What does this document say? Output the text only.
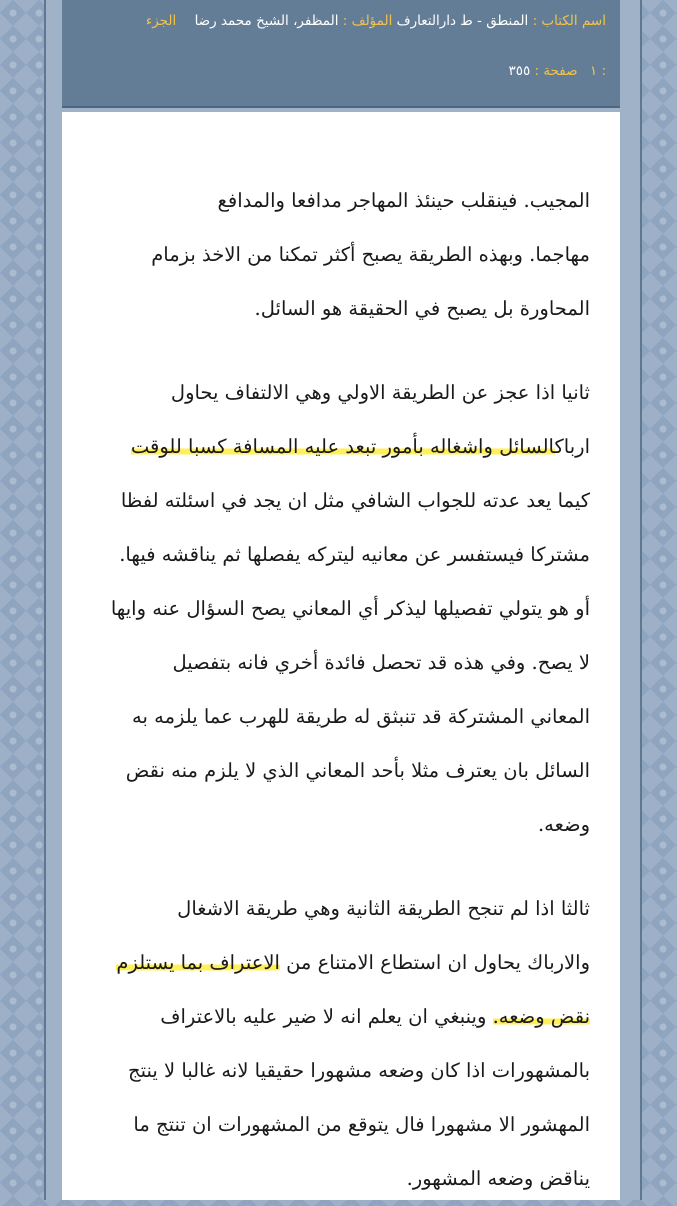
اسم الكتاب : المنطق - ط دارالتعارف المؤلف : المظفر، الشيخ محمد رضا الجزء
: ١ صفحة : ٣٥٥

المجيب. فينقلب حينئذ المهاجر مدافعا والمدافع
مهاجما. وبهذه الطريقة يصبح أكثر تمكنا من الاخذ بزمام
المحاورة بل يصبح في الحقيقة هو السائل.

ثانيا اذا عجز عن الطريقة الاولي وهي الالتفاف يحاول
ارباكالسائل واشغاله بأمور تبعد عليه المسافة كسبا للوقت
كيما يعد عدته للجواب الشافي مثل ان يجد في اسئلته لفظا
مشتركا فيستفسر عن معانيه ليتركه يفصلها ثم يناقشه فيها.
أو هو يتولي تفصيلها ليذكر أي المعاني يصح السؤال عنه وايها
لا يصح. وفي هذه قد تحصل فائدة أخري فانه بتفصيل
المعاني المشتركة قد تنبثق له طريقة للهرب عما يلزمه به
السائل بان يعترف مثلا بأحد المعاني الذي لا يلزم منه نقض
وضعه.

ثالثا اذا لم تنجح الطريقة الثانية وهي طريقة الاشغال
والارباك يحاول ان استطاع الامتناع من الاعتراف بما يستلزم
نقض وضعه. وينبغي ان يعلم انه لا ضير عليه بالاعتراف
بالمشهورات اذا كان وضعه مشهورا حقيقيا لانه غالبا لا ينتج
المهشور الا مشهورا فال يتوقع من المشهورات ان تنتج ما
يناقض وضعه المشهور.
